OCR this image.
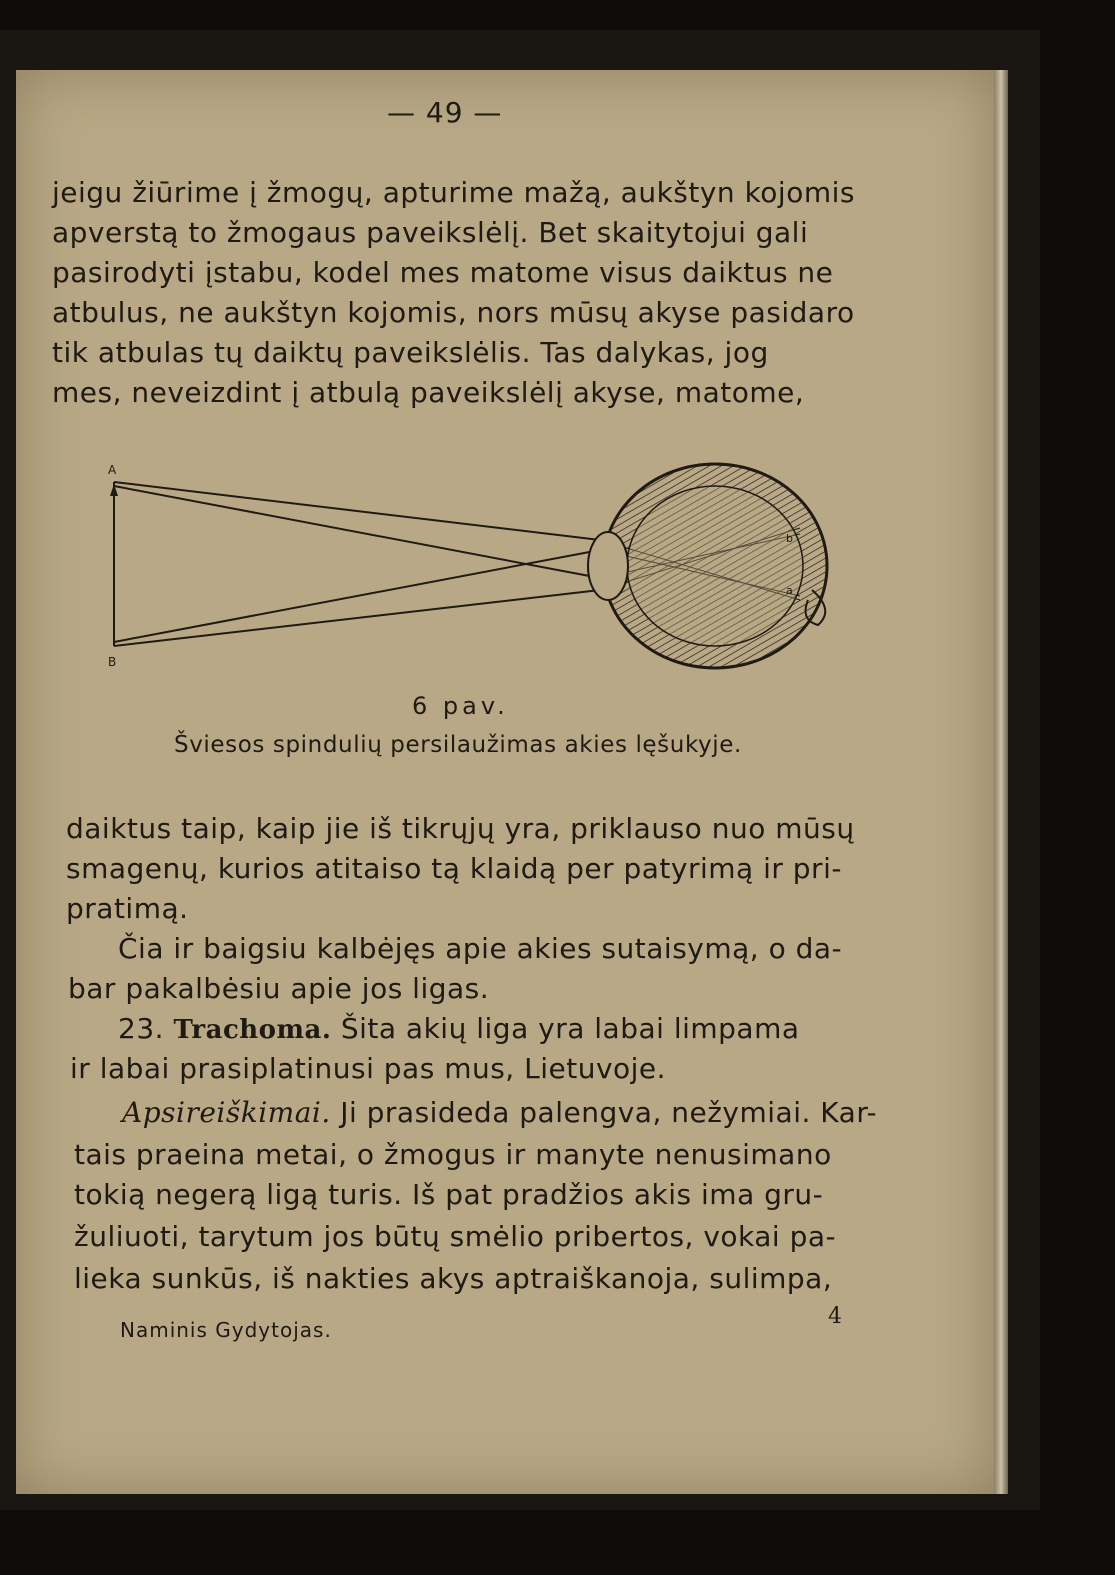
— 49 —
jeigu žiūrime į žmogų, apturime mažą, aukštyn kojomis
apverstą to žmogaus paveikslėlį. Bet skaitytojui gali
pasirodyti įstabu, kodel mes matome visus daiktus ne
atbulus, ne aukštyn kojomis, nors mūsų akyse pasidaro
tik atbulas tų daiktų paveikslėlis. Tas dalykas, jog
mes, neveizdint į atbulą paveikslėlį akyse, matome,
A
B
b
a
6 pav.
Šviesos spindulių persilaužimas akies lęšukyje.
daiktus taip, kaip jie iš tikrųjų yra, priklauso nuo mūsų
smagenų, kurios atitaiso tą klaidą per patyrimą ir pri-
pratimą.
Čia ir baigsiu kalbėjęs apie akies sutaisymą, o da-
bar pakalbėsiu apie jos ligas.
23. Trachoma. Šita akių liga yra labai limpama
ir labai prasiplatinusi pas mus, Lietuvoje.
Apsireiškimai. Ji prasideda palengva, nežymiai. Kar-
tais praeina metai, o žmogus ir manyte nenusimano
tokią negerą ligą turis. Iš pat pradžios akis ima gru-
žuliuoti, tarytum jos būtų smėlio pribertos, vokai pa-
lieka sunkūs, iš nakties akys aptraiškanoja, sulimpa,
Naminis Gydytojas.
4
